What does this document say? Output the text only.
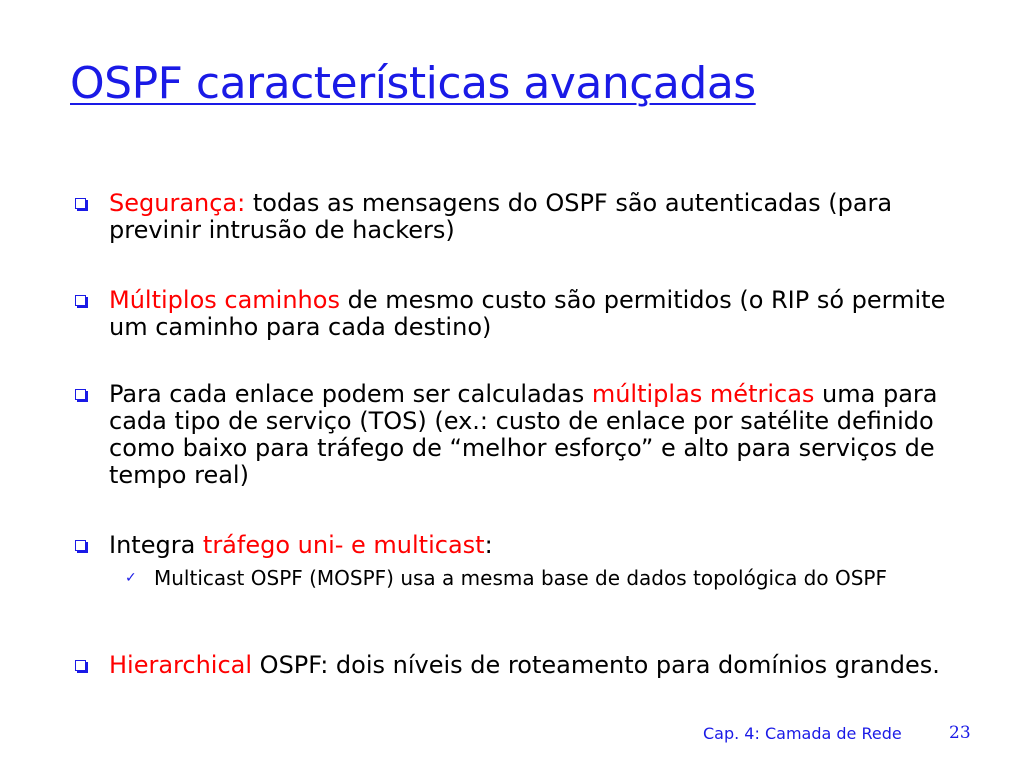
OSPF características avançadas
Segurança: todas as mensagens do OSPF são autenticadas (para previnir intrusão de hackers)
Múltiplos caminhos de mesmo custo são permitidos (o RIP só permite um caminho para cada destino)
Para cada enlace podem ser calculadas múltiplas métricas uma para cada tipo de serviço (TOS) (ex.: custo de enlace por satélite definido como baixo para tráfego de “melhor esforço” e alto para serviços de tempo real)
Integra tráfego uni- e multicast:
✓ Multicast OSPF (MOSPF) usa a mesma base de dados topológica do OSPF
Hierarchical OSPF: dois níveis de roteamento para domínios grandes.
Cap. 4: Camada de Rede	23
